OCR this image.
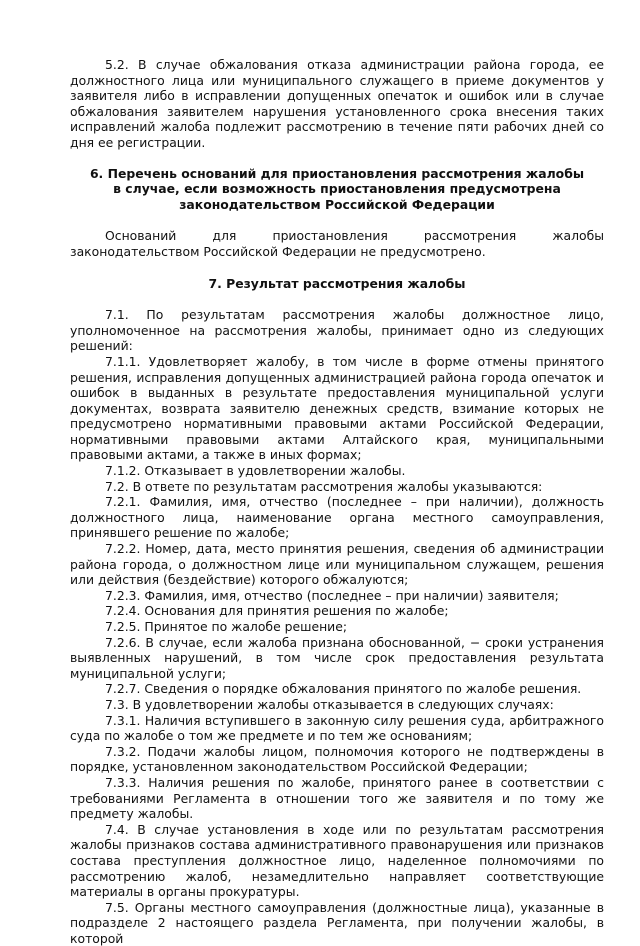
5.2. В случае обжалования отказа администрации района города, ее должностного лица или муниципального служащего в приеме документов у заявителя либо в исправлении допущенных опечаток и ошибок или в случае обжалования заявителем нарушения установленного срока внесения таких исправлений жалоба подлежит рассмотрению в течение пяти рабочих дней со дня ее регистрации.

6. Перечень оснований для приостановления рассмотрения жалобы

в случае, если возможность приостановления предусмотрена

законодательством Российской Федерации

Оснований для приостановления рассмотрения жалобы законодательством Российской Федерации не предусмотрено.

7. Результат рассмотрения жалобы

7.1. По результатам рассмотрения жалобы должностное лицо, уполномоченное на рассмотрения жалобы, принимает одно из следующих решений:

7.1.1. Удовлетворяет жалобу, в том числе в форме отмены принятого решения, исправления допущенных администрацией района города опечаток и ошибок в выданных в результате предоставления муниципальной услуги документах, возврата заявителю денежных средств, взимание которых не предусмотрено нормативными правовыми актами Российской Федерации, нормативными правовыми актами Алтайского края, муниципальными правовыми актами, а также в иных формах;

7.1.2. Отказывает в удовлетворении жалобы.

7.2. В ответе по результатам рассмотрения жалобы указываются:

7.2.1. Фамилия, имя, отчество (последнее – при наличии), должность должностного лица, наименование органа местного самоуправления, принявшего решение по жалобе;

7.2.2. Номер, дата, место принятия решения, сведения об администрации района города, о должностном лице или муниципальном служащем, решения или действия (бездействие) которого обжалуются;

7.2.3. Фамилия, имя, отчество (последнее – при наличии) заявителя;

7.2.4. Основания для принятия решения по жалобе;

7.2.5. Принятое по жалобе решение;

7.2.6. В случае, если жалоба признана обоснованной, − сроки устранения выявленных нарушений, в том числе срок предоставления результата муниципальной услуги;

7.2.7. Сведения о порядке обжалования принятого по жалобе решения.

7.3. В удовлетворении жалобы отказывается в следующих случаях:

7.3.1. Наличия вступившего в законную силу решения суда, арбитражного суда по жалобе о том же предмете и по тем же основаниям;

7.3.2. Подачи жалобы лицом, полномочия которого не подтверждены в порядке, установленном законодательством Российской Федерации;

7.3.3. Наличия решения по жалобе, принятого ранее в соответствии с требованиями Регламента в отношении того же заявителя и по тому же предмету жалобы.

7.4. В случае установления в ходе или по результатам рассмотрения жалобы признаков состава административного правонарушения или признаков состава преступления должностное лицо, наделенное полномочиями по рассмотрению жалоб, незамедлительно направляет соответствующие материалы в органы прокуратуры.

7.5. Органы местного самоуправления (должностные лица), указанные в подразделе 2 настоящего раздела Регламента, при получении жалобы, в которой
